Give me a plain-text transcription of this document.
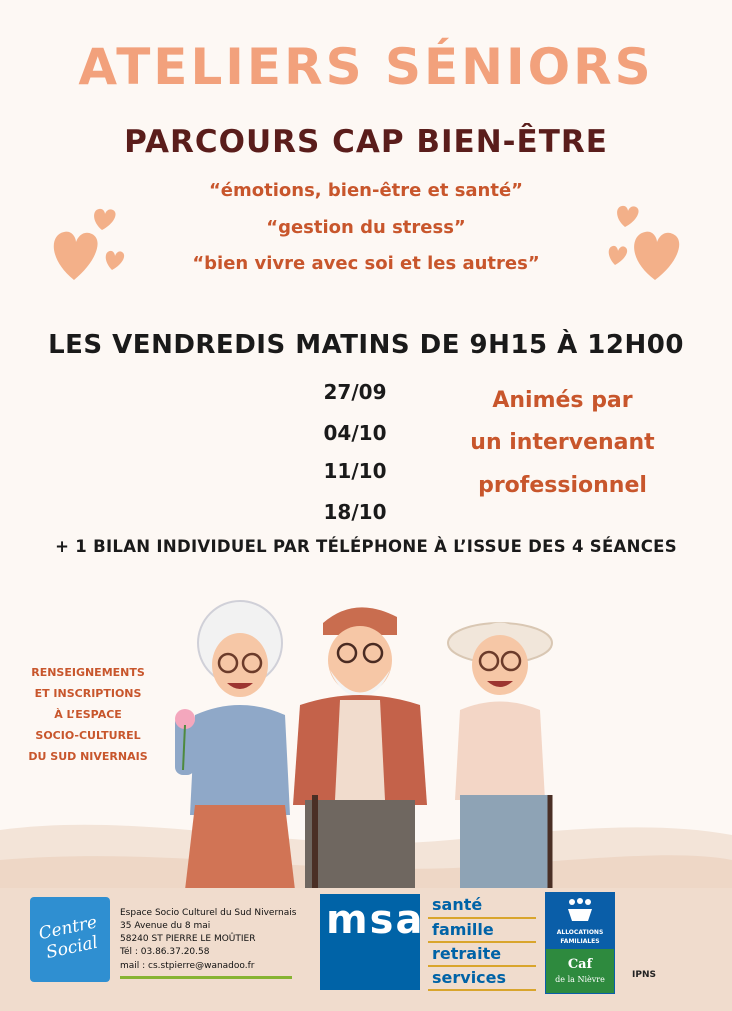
ATELIERS SÉNIORS
PARCOURS CAP BIEN-ÊTRE
“émotions, bien-être et santé”
“gestion du stress”
“bien vivre avec soi et les autres”
LES VENDREDIS MATINS DE 9H15 À 12H00
27/09
04/10
11/10
18/10
Animés par
un intervenant
professionnel
+ 1 BILAN INDIVIDUEL PAR TÉLÉPHONE À L’ISSUE DES 4 SÉANCES
RENSEIGNEMENTS
ET INSCRIPTIONS
À L’ESPACE
SOCIO-CULTUREL
DU SUD NIVERNAIS
Centre Social
Espace Socio Culturel du Sud Nivernais
35 Avenue du 8 mai
58240 ST PIERRE LE MOÛTIER
Tél : 03.86.37.20.58
mail : cs.stpierre@wanadoo.fr
msa santé
famille
retraite
services
ALLOCATIONS
FAMILIALES
Caf
de la Nièvre	IPNS
